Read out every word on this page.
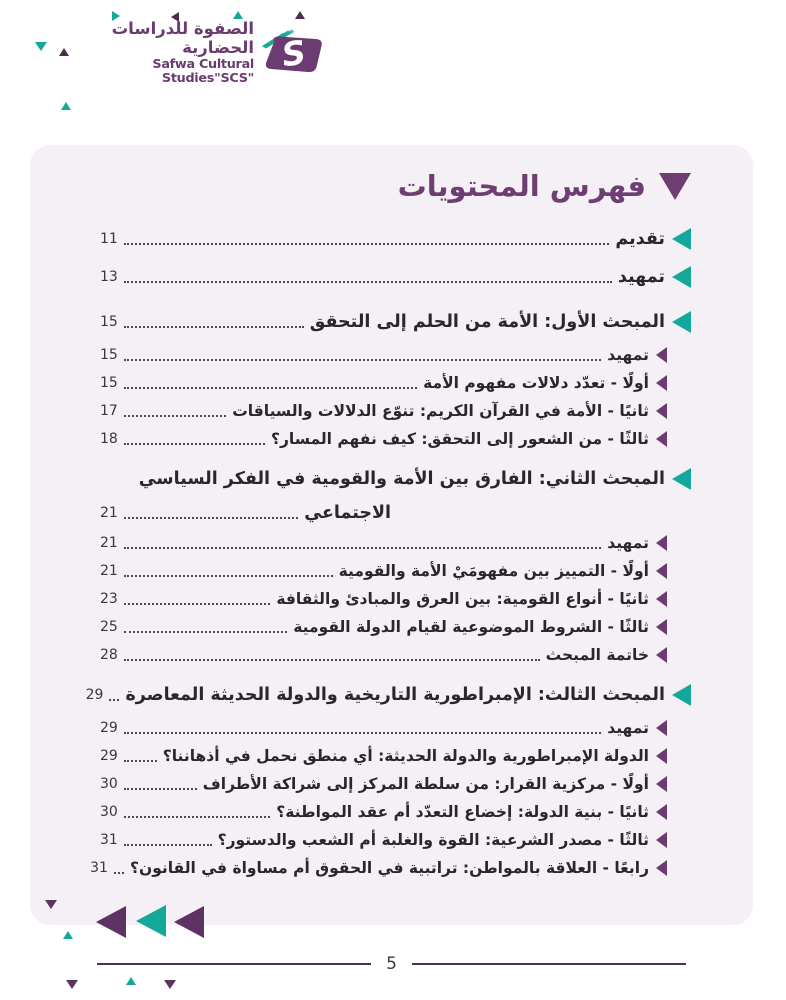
الصفوة للدراسات الحضارية
Safwa Cultural Studies"SCS"
S
فهرس المحتويات
تقديم
11
تمهيد
13
المبحث الأول: الأمة من الحلم إلى التحقق
15
تمهيد
15
أولًا - تعدّد دلالات مفهوم الأمة
15
ثانيًا - الأمة في القرآن الكريم: تنوّع الدلالات والسياقات
17
ثالثًا - من الشعور إلى التحقق: كيف نفهم المسار؟
18
المبحث الثاني: الفارق بين الأمة والقومية في الفكر السياسي
الاجتماعي
21
تمهيد
21
أولًا - التمييز بين مفهومَيْ الأمة والقومية
21
ثانيًا - أنواع القومية: بين العرق والمبادئ والثقافة
23
ثالثًا - الشروط الموضوعية لقيام الدولة القومية
25
خاتمة المبحث
28
المبحث الثالث: الإمبراطورية التاريخية والدولة الحديثة المعاصرة
29
تمهيد
29
الدولة الإمبراطورية والدولة الحديثة: أي منطق نحمل في أذهاننا؟
29
أولًا - مركزية القرار: من سلطة المركز إلى شراكة الأطراف
30
ثانيًا - بنية الدولة: إخضاع التعدّد أم عقد المواطنة؟
30
ثالثًا - مصدر الشرعية: القوة والغلبة أم الشعب والدستور؟
31
رابعًا - العلاقة بالمواطن: تراتبية في الحقوق أم مساواة في القانون؟
31
5
